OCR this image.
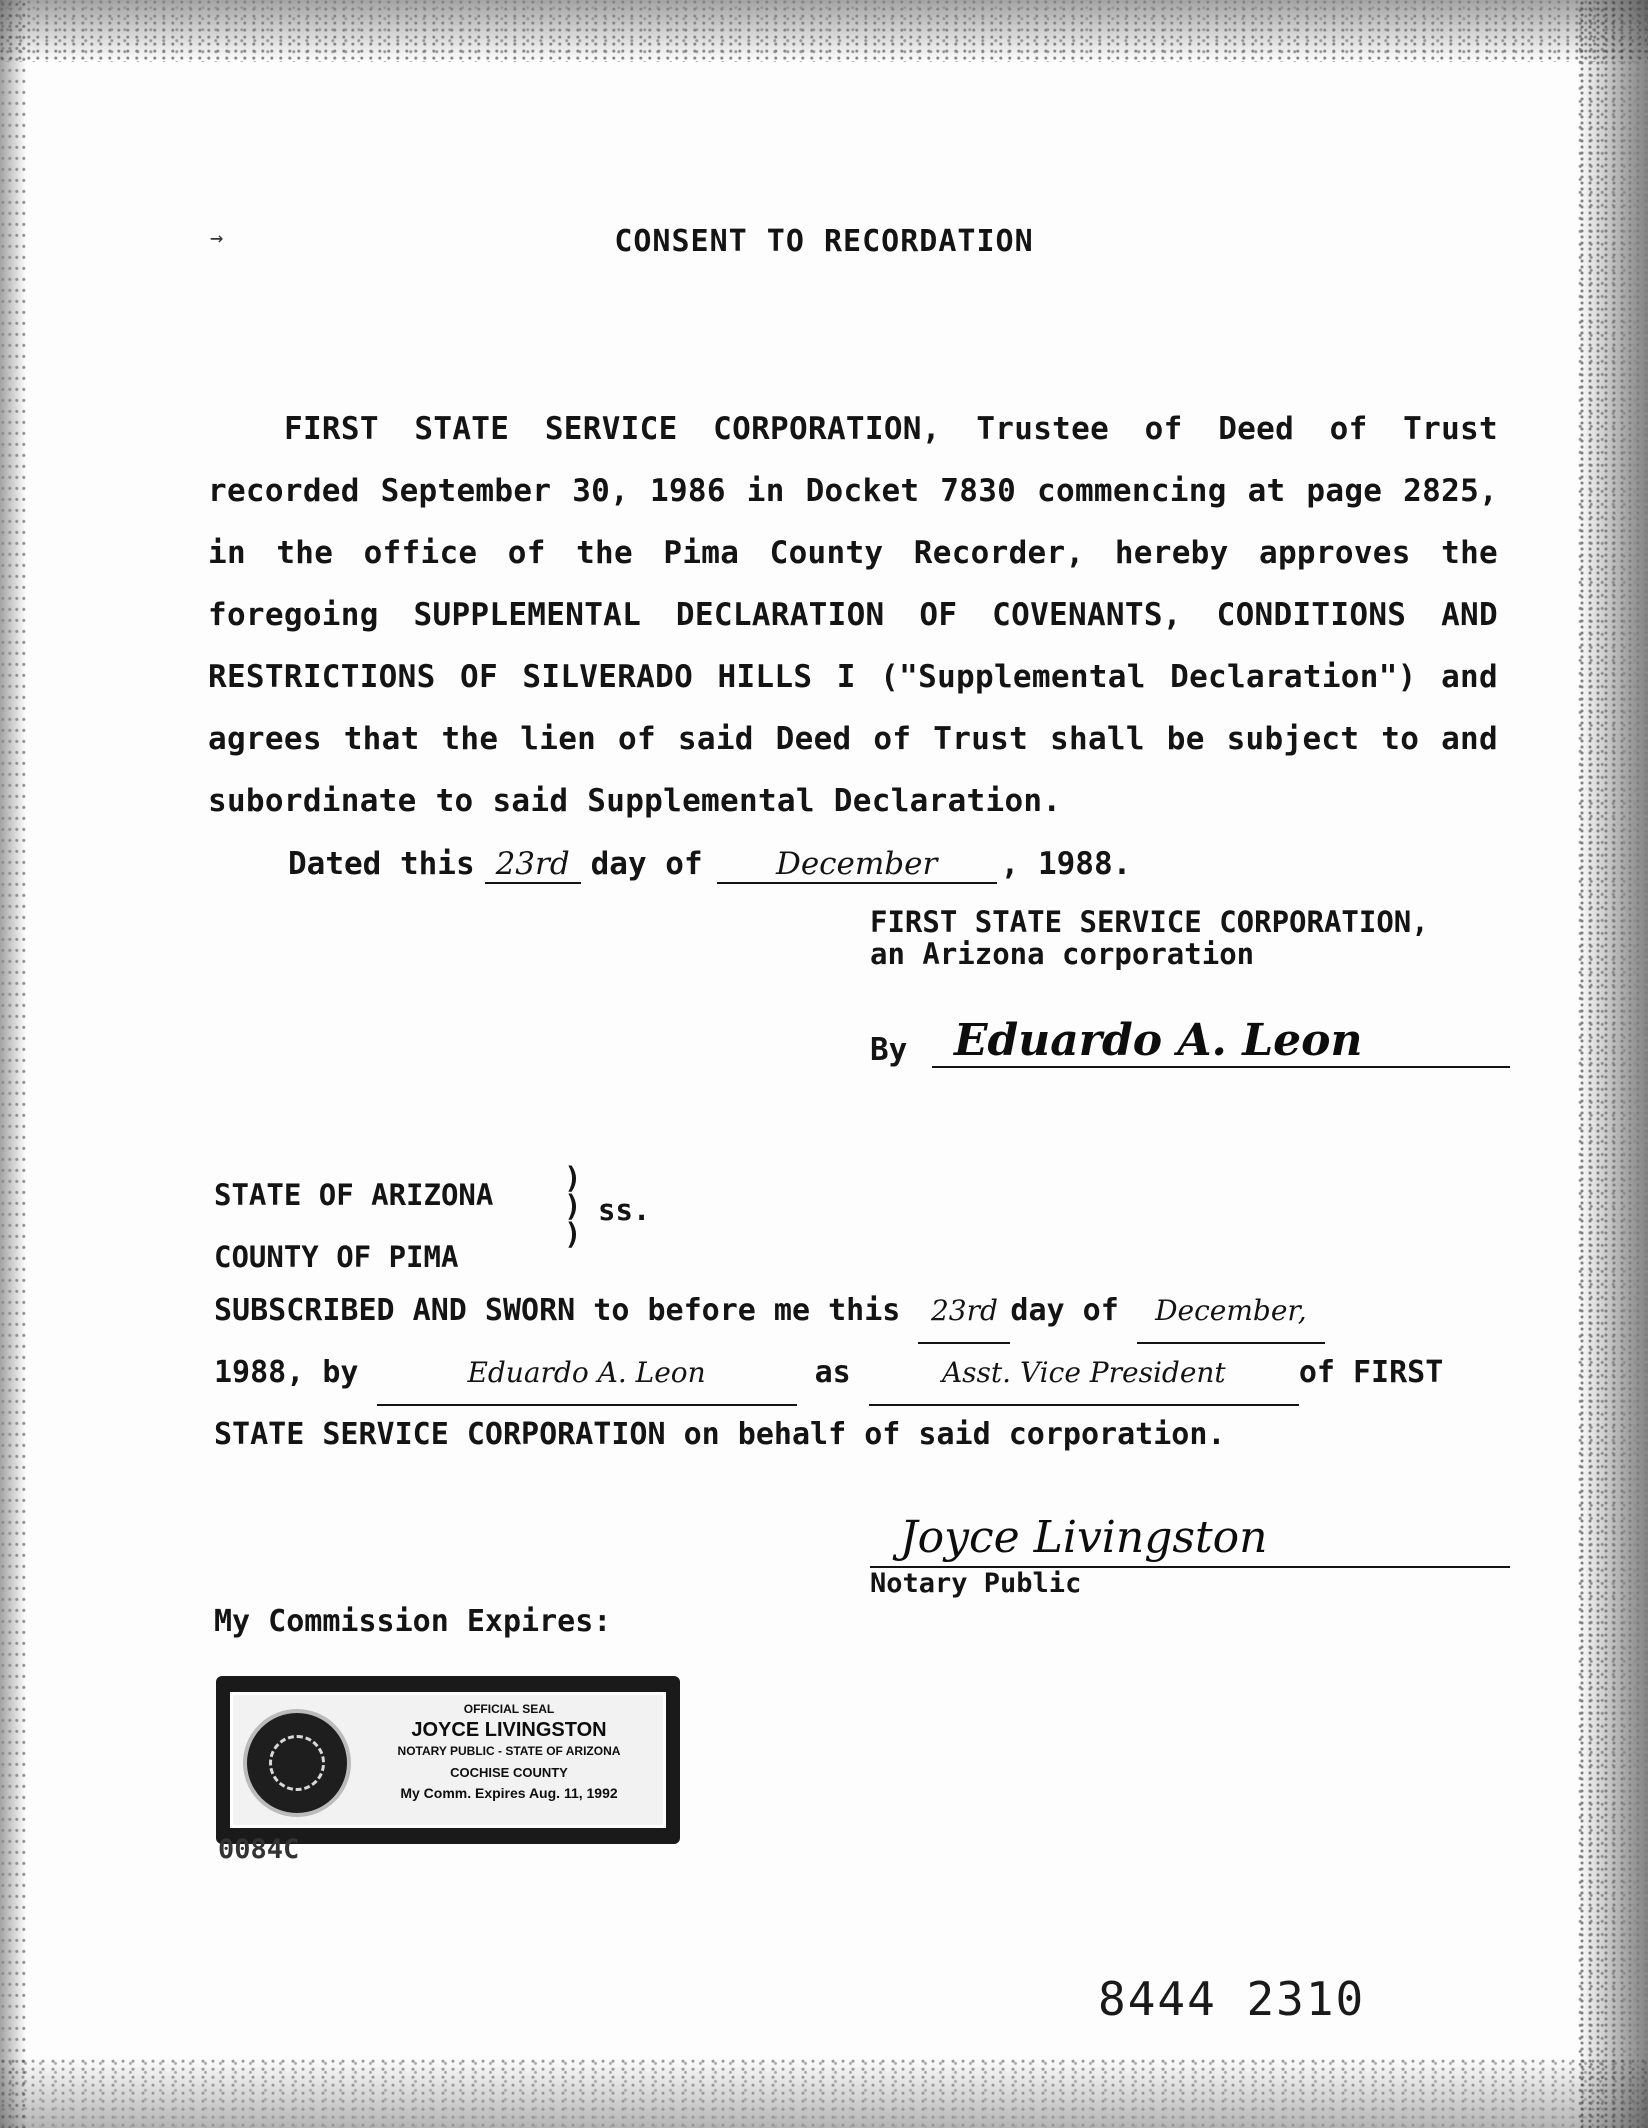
→	CONSENT TO RECORDATION
FIRST STATE SERVICE CORPORATION, Trustee of Deed of Trust recorded September 30, 1986 in Docket 7830 commencing at page 2825, in the office of the Pima County Recorder, hereby approves the foregoing SUPPLEMENTAL DECLARATION OF COVENANTS, CONDITIONS AND RESTRICTIONS OF SILVERADO HILLS I ("Supplemental Declaration") and agrees that the lien of said Deed of Trust shall be subject to and subordinate to said Supplemental Declaration.
Dated this 23rd day of December , 1988.
FIRST STATE SERVICE CORPORATION,
an Arizona corporation
By Eduardo A. Leon
STATE OF ARIZONA
COUNTY OF PIMA
)
)
)
ss.
SUBSCRIBED AND SWORN to before me this 23rd day of December,
1988, by	Eduardo A. Leon	as	Asst. Vice President of FIRST
STATE SERVICE CORPORATION on behalf of said corporation.
Joyce Livingston
Notary Public
My Commission Expires:
OFFICIAL SEAL
JOYCE LIVINGSTON
NOTARY PUBLIC - STATE OF ARIZONA
COCHISE COUNTY
My Comm. Expires Aug. 11, 1992
0084C
8444 2310
